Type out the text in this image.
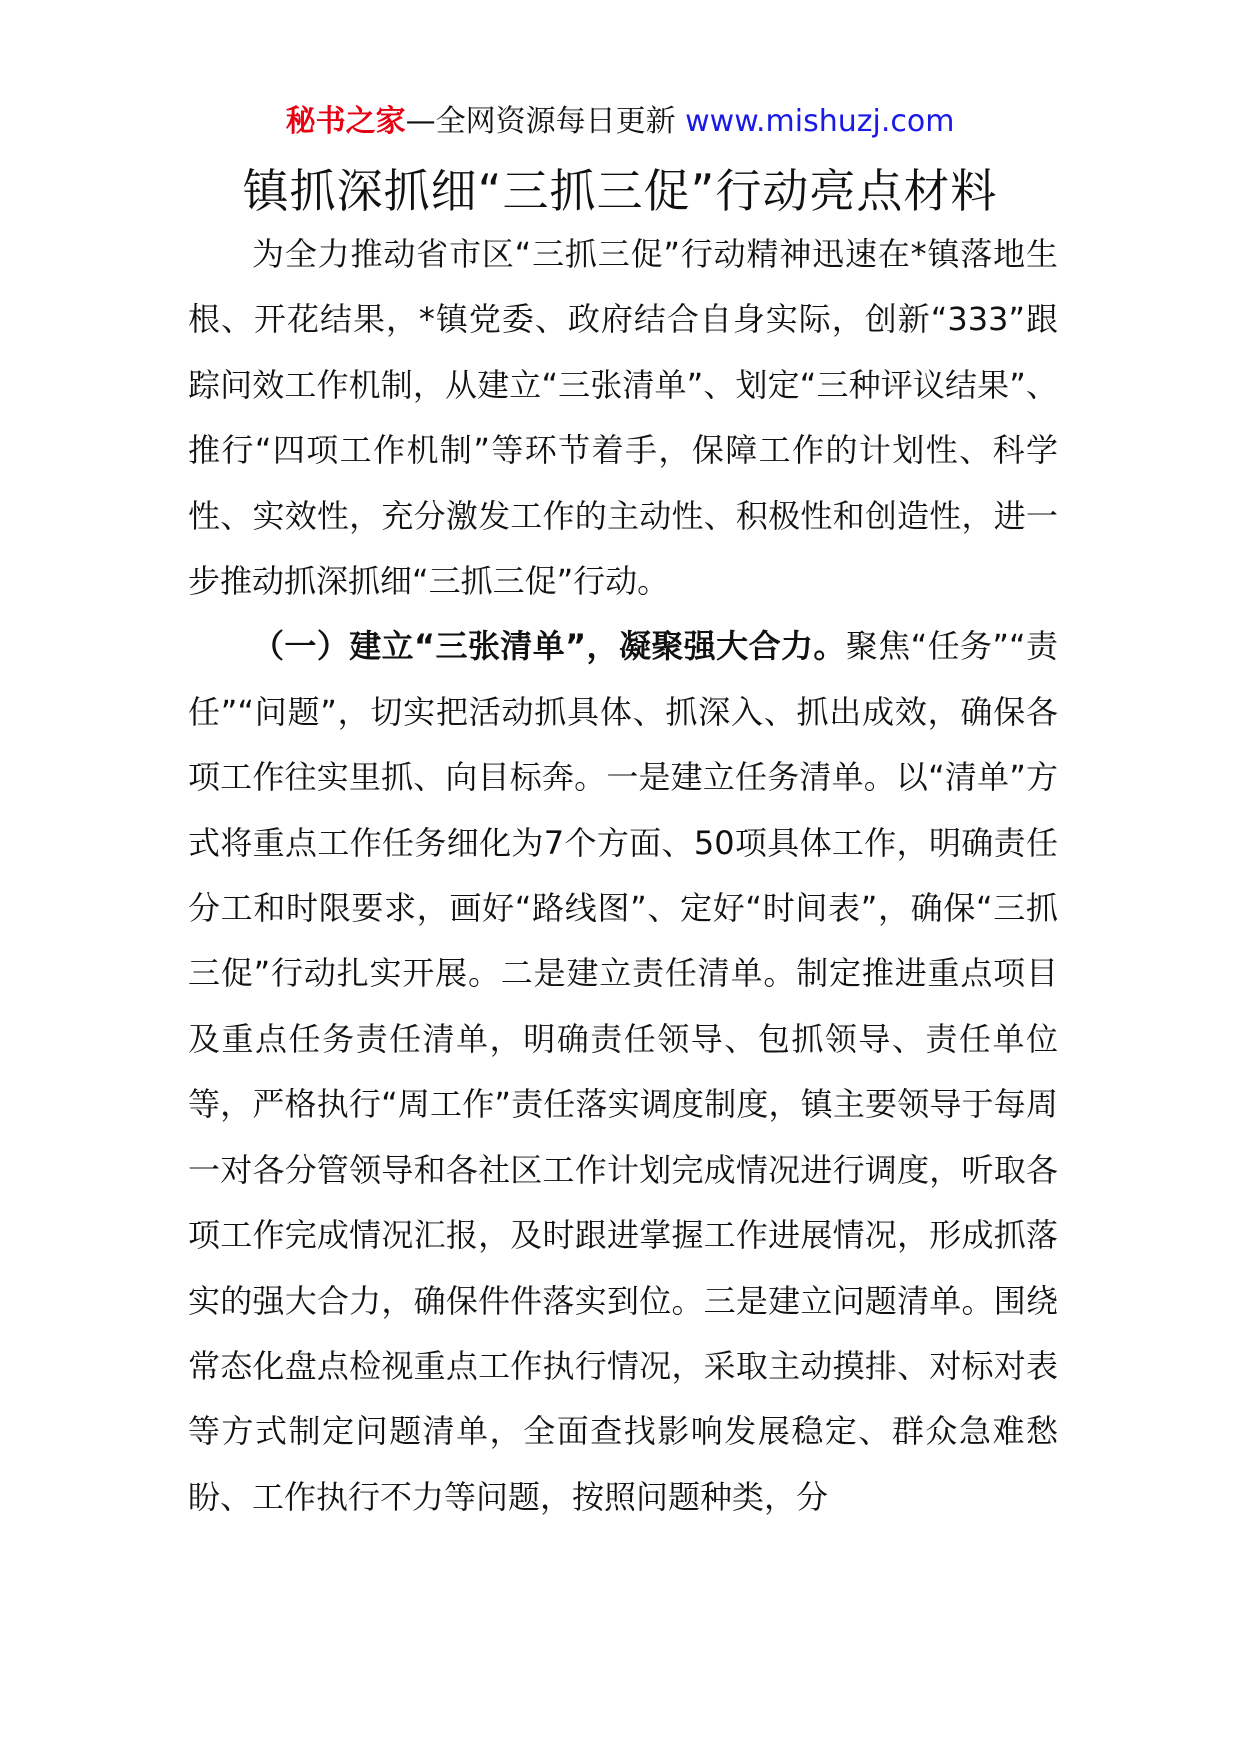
秘书之家—全网资源每日更新 www.mishuzj.com
镇抓深抓细“三抓三促”行动亮点材料

为全力推动省市区“三抓三促”行动精神迅速在*镇落地生根、开花结果，*镇党委、政府结合自身实际，创新“333”跟踪问效工作机制，从建立“三张清单”、划定“三种评议结果”、推行“四项工作机制”等环节着手，保障工作的计划性、科学性、实效性，充分激发工作的主动性、积极性和创造性，进一步推动抓深抓细“三抓三促”行动。

（一）建立“三张清单”，凝聚强大合力。聚焦“任务”“责任”“问题”，切实把活动抓具体、抓深入、抓出成效，确保各项工作往实里抓、向目标奔。一是建立任务清单。以“清单”方式将重点工作任务细化为7个方面、50项具体工作，明确责任分工和时限要求，画好“路线图”、定好“时间表”，确保“三抓三促”行动扎实开展。二是建立责任清单。制定推进重点项目及重点任务责任清单，明确责任领导、包抓领导、责任单位等，严格执行“周工作”责任落实调度制度，镇主要领导于每周一对各分管领导和各社区工作计划完成情况进行调度，听取各项工作完成情况汇报，及时跟进掌握工作进展情况，形成抓落实的强大合力，确保件件落实到位。三是建立问题清单。围绕常态化盘点检视重点工作执行情况，采取主动摸排、对标对表等方式制定问题清单，全面查找影响发展稳定、群众急难愁盼、工作执行不力等问题，按照问题种类，分
